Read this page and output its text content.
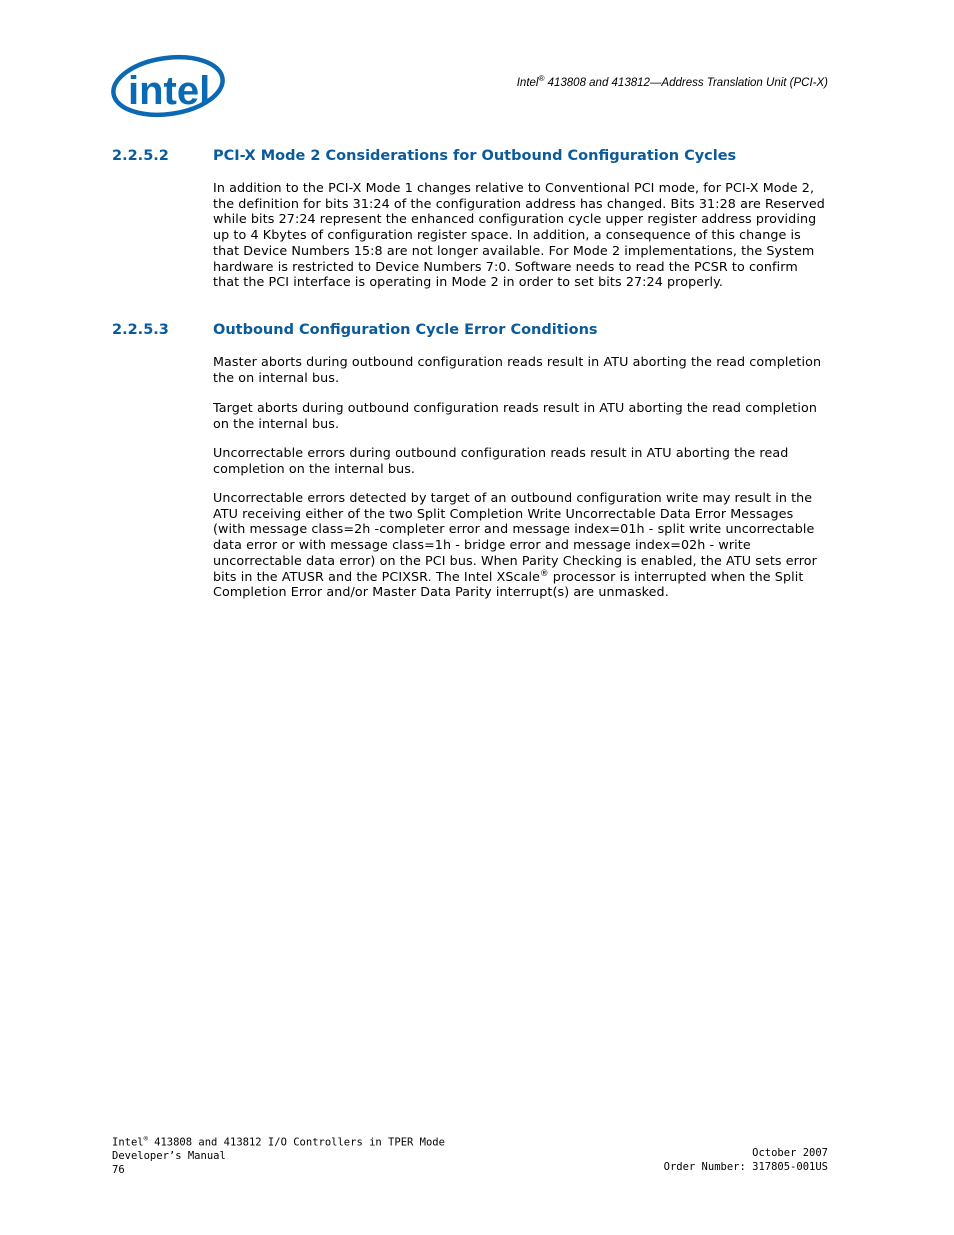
intel	Intel® 413808 and 413812—Address Translation Unit (PCI-X)
2.2.5.2	PCI-X Mode 2 Considerations for Outbound Configuration Cycles

In addition to the PCI-X Mode 1 changes relative to Conventional PCI mode, for PCI-X Mode 2, the definition for bits 31:24 of the configuration address has changed. Bits 31:28 are Reserved while bits 27:24 represent the enhanced configuration cycle upper register address providing up to 4 Kbytes of configuration register space. In addition, a consequence of this change is that Device Numbers 15:8 are not longer available. For Mode 2 implementations, the System hardware is restricted to Device Numbers 7:0. Software needs to read the PCSR to confirm that the PCI interface is operating in Mode 2 in order to set bits 27:24 properly.

2.2.5.3	Outbound Configuration Cycle Error Conditions

Master aborts during outbound configuration reads result in ATU aborting the read completion the on internal bus.

Target aborts during outbound configuration reads result in ATU aborting the read completion on the internal bus.

Uncorrectable errors during outbound configuration reads result in ATU aborting the read completion on the internal bus.

Uncorrectable errors detected by target of an outbound configuration write may result in the ATU receiving either of the two Split Completion Write Uncorrectable Data Error Messages (with message class=2h -completer error and message index=01h - split write uncorrectable data error or with message class=1h - bridge error and message index=02h - write uncorrectable data error) on the PCI bus. When Parity Checking is enabled, the ATU sets error bits in the ATUSR and the PCIXSR. The Intel XScale® processor is interrupted when the Split Completion Error and/or Master Data Parity interrupt(s) are unmasked.

Intel® 413808 and 413812 I/O Controllers in TPER Mode
Developer’s Manual
76
October 2007
Order Number: 317805-001US
